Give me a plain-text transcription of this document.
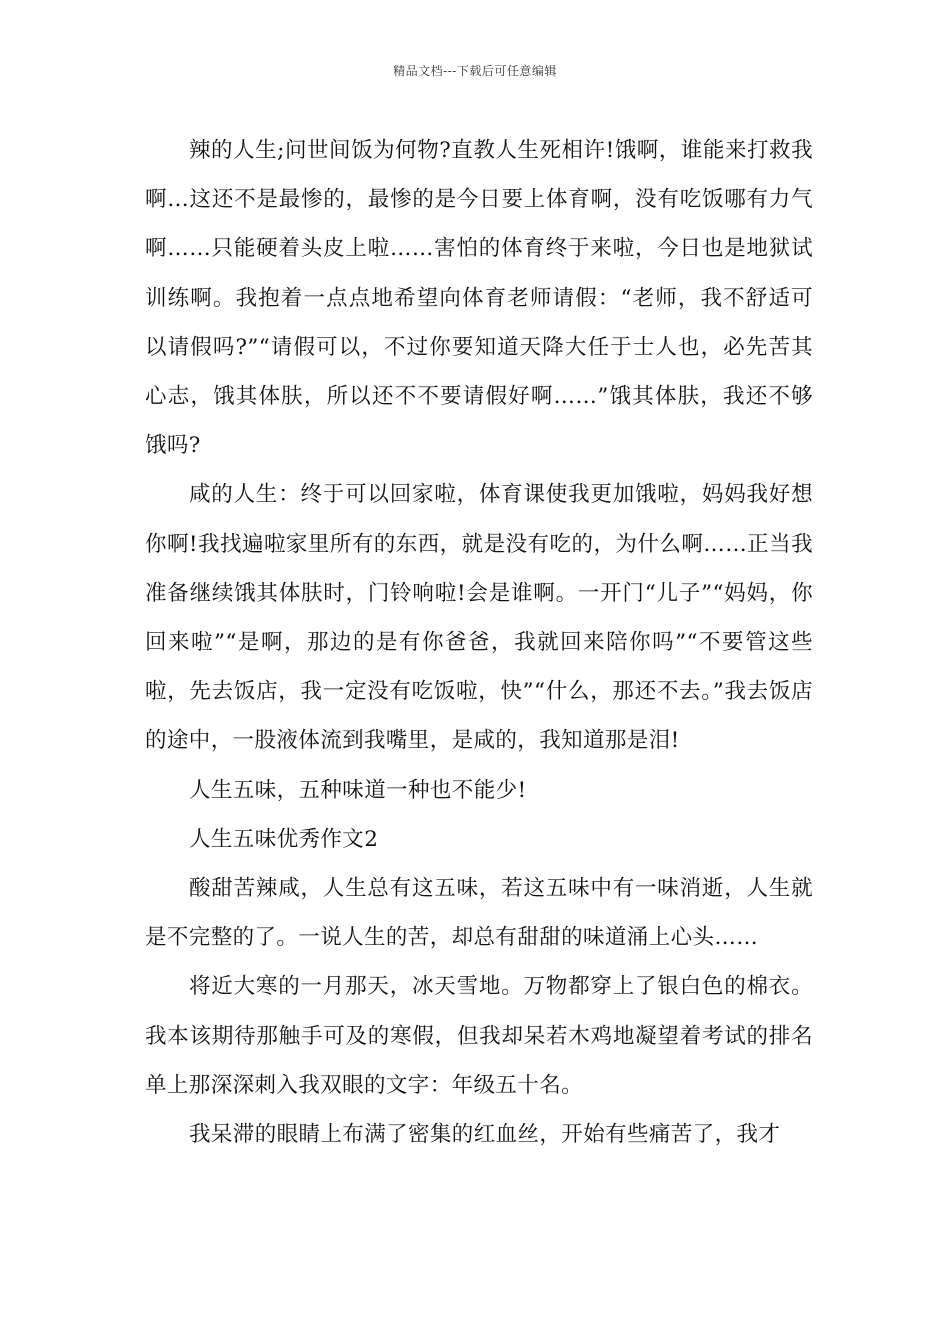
精品文档---下载后可任意编辑

辣的人生;问世间饭为何物?直教人生死相许!饿啊，谁能来打救我啊…这还不是最惨的，最惨的是今日要上体育啊，没有吃饭哪有力气啊……只能硬着头皮上啦……害怕的体育终于来啦，今日也是地狱试训练啊。我抱着一点点地希望向体育老师请假：“老师，我不舒适可以请假吗?”“请假可以，不过你要知道天降大任于士人也，必先苦其心志，饿其体肤，所以还不不要请假好啊……”饿其体肤，我还不够饿吗?

咸的人生：终于可以回家啦，体育课使我更加饿啦，妈妈我好想你啊!我找遍啦家里所有的东西，就是没有吃的，为什么啊……正当我准备继续饿其体肤时，门铃响啦!会是谁啊。一开门“儿子”“妈妈，你回来啦”“是啊，那边的是有你爸爸，我就回来陪你吗”“不要管这些啦，先去饭店，我一定没有吃饭啦，快”“什么，那还不去。”我去饭店的途中，一股液体流到我嘴里，是咸的，我知道那是泪!

人生五味，五种味道一种也不能少!

人生五味优秀作文2

酸甜苦辣咸，人生总有这五味，若这五味中有一味消逝，人生就是不完整的了。一说人生的苦，却总有甜甜的味道涌上心头……

将近大寒的一月那天，冰天雪地。万物都穿上了银白色的棉衣。我本该期待那触手可及的寒假，但我却呆若木鸡地凝望着考试的排名单上那深深刺入我双眼的文字：年级五十名。

我呆滞的眼睛上布满了密集的红血丝，开始有些痛苦了，我才
